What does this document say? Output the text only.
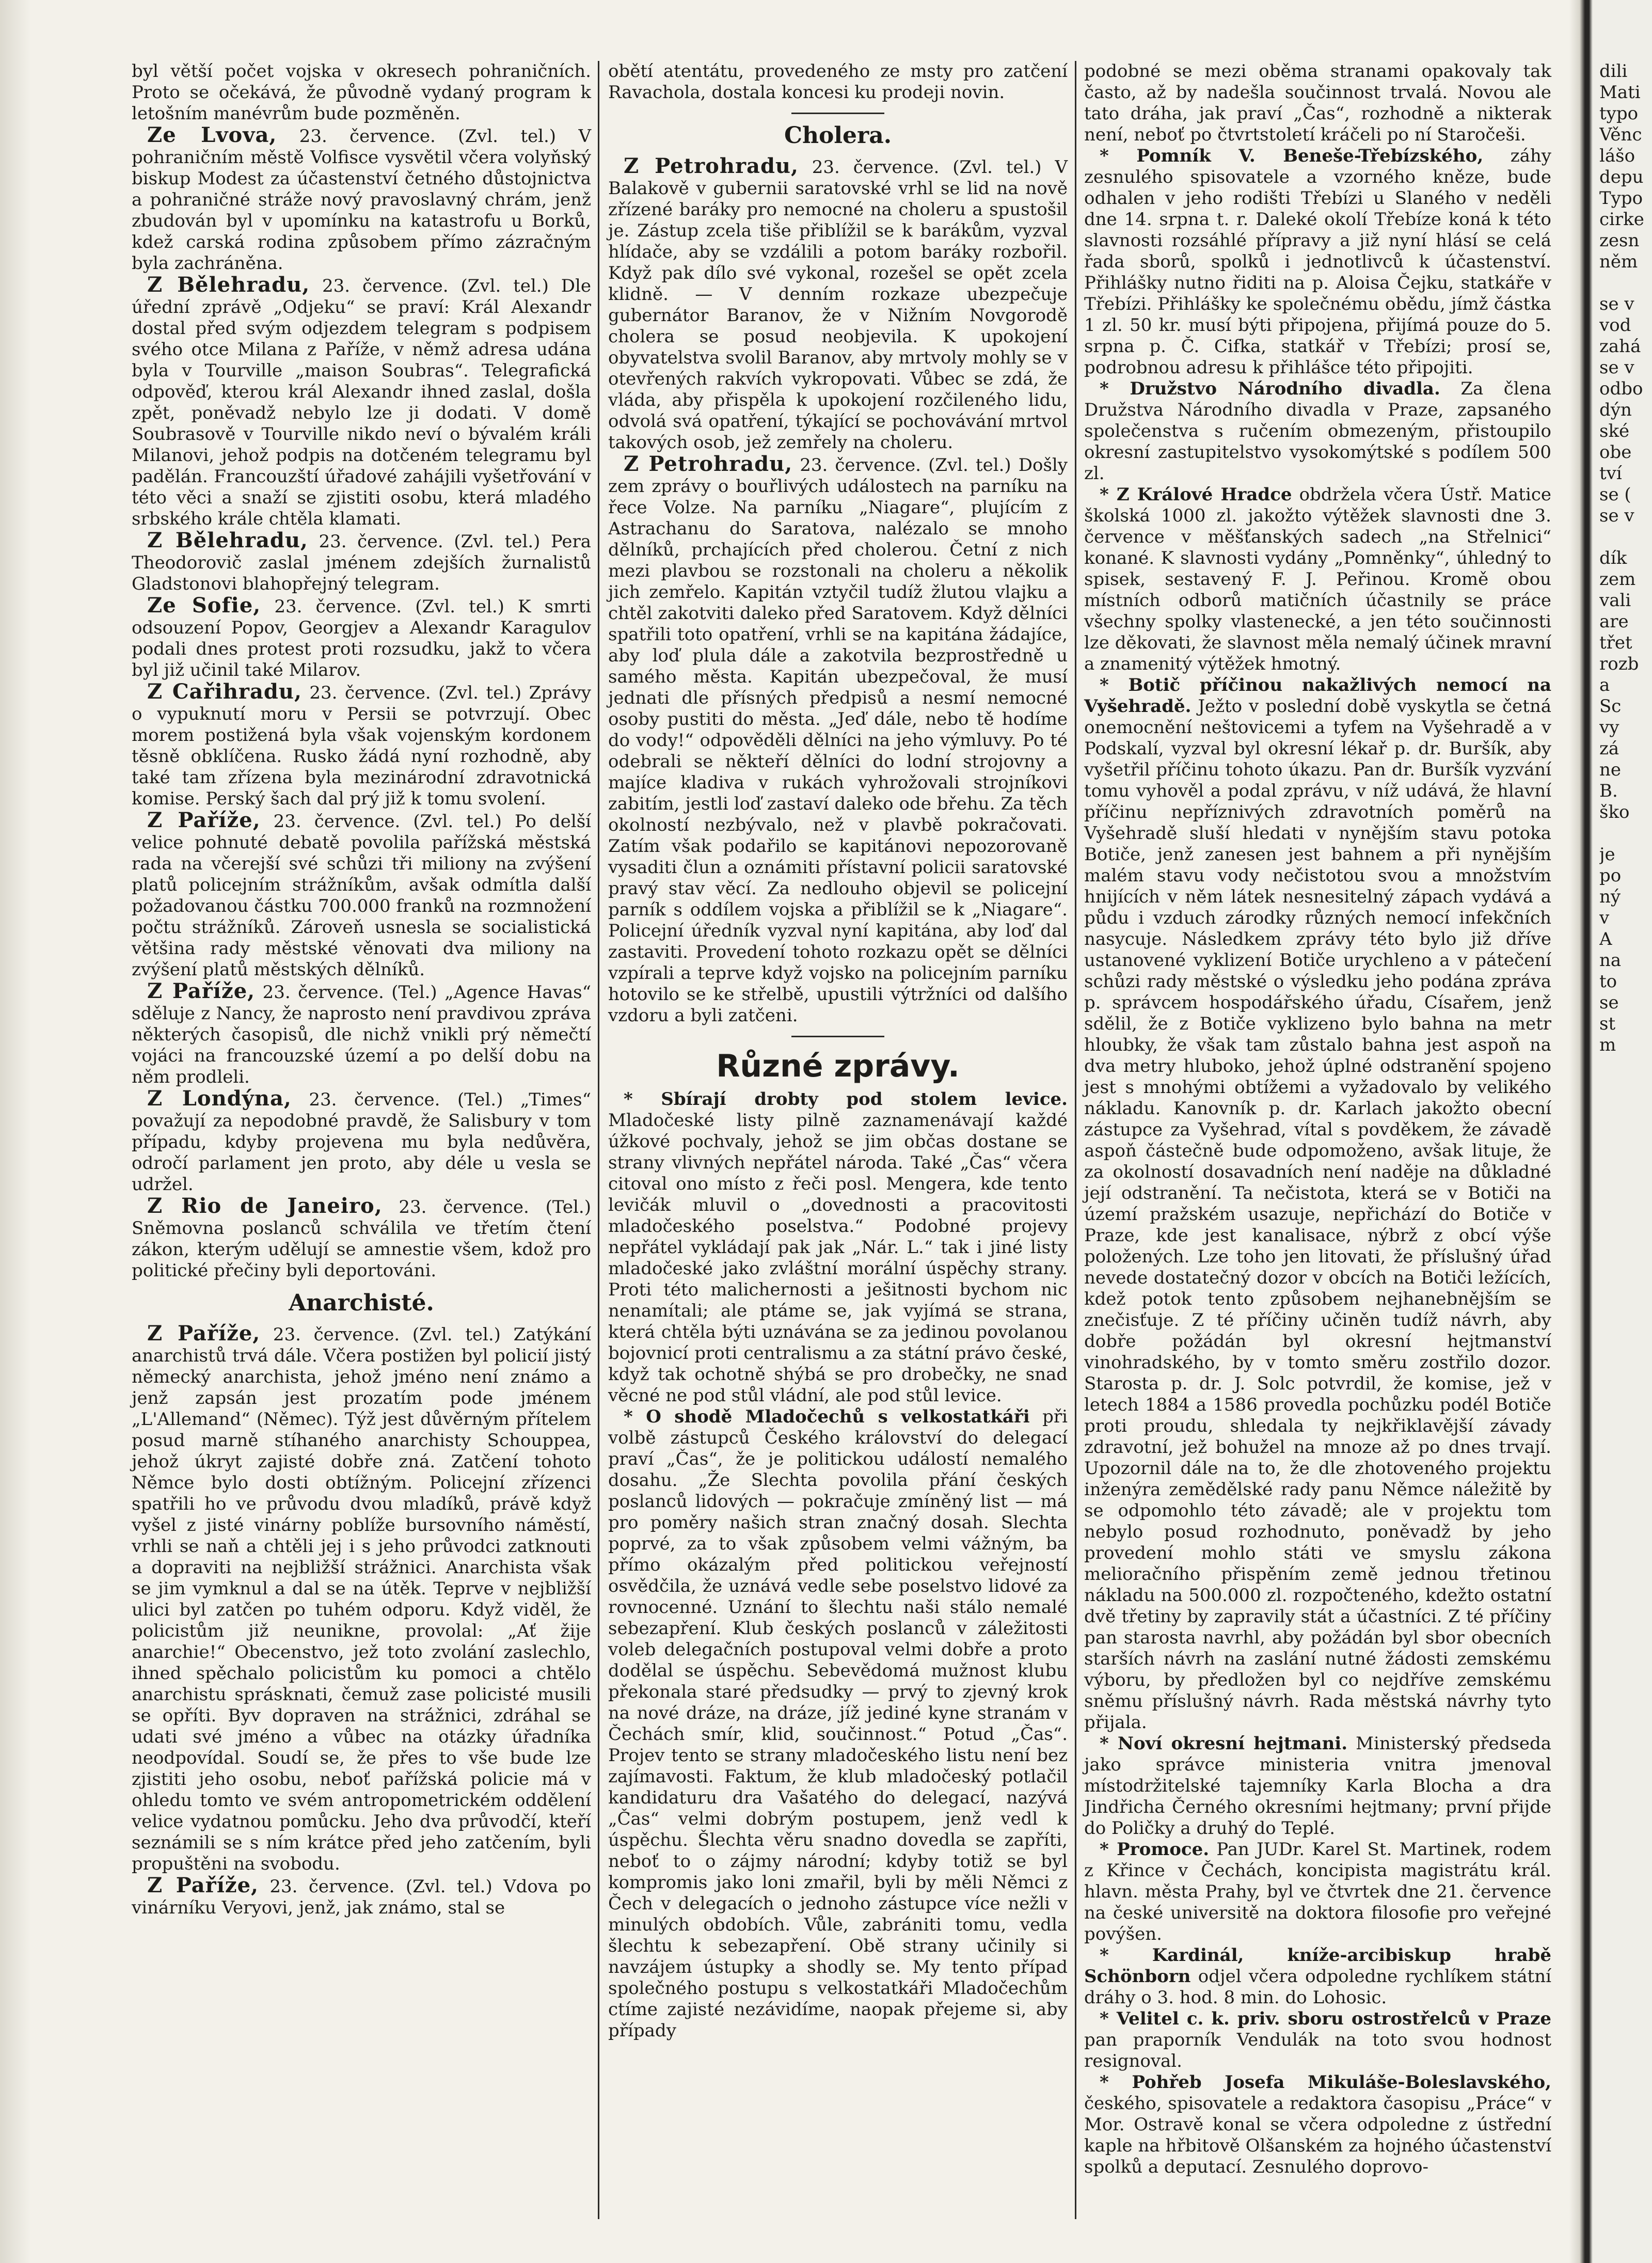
byl větší počet vojska v okresech pohraničních. Proto se očekává, že původně vydaný program k letošním manévrům bude pozměněn.

Ze Lvova, 23. července. (Zvl. tel.) V pohraničním městě Volfisce vysvětil včera volyňský biskup Modest za účastenství četného důstojnictva a pohraničné stráže nový pravoslavný chrám, jenž zbudován byl v upomínku na katastrofu u Borků, kdež carská rodina způsobem přímo zázračným byla zachráněna.

Z Bělehradu, 23. července. (Zvl. tel.) Dle úřední zprávě „Odjeku“ se praví: Král Alexandr dostal před svým odjezdem telegram s podpisem svého otce Milana z Paříže, v němž adresa udána byla v Tourville „maison Soubras“. Telegrafická odpověď, kterou král Alexandr ihned zaslal, došla zpět, poněvadž nebylo lze ji dodati. V domě Soubrasově v Tourville nikdo neví o bývalém králi Milanovi, jehož podpis na dotčeném telegramu byl padělán. Francouzští úřadové zahájili vyšetřování v této věci a snaží se zjistiti osobu, která mladého srbského krále chtěla klamati.

Z Bělehradu, 23. července. (Zvl. tel.) Pera Theodorovič zaslal jménem zdejších žurnalistů Gladstonovi blahopřejný telegram.

Ze Sofie, 23. července. (Zvl. tel.) K smrti odsouzení Popov, Georgjev a Alexandr Karagulov podali dnes protest proti rozsudku, jakž to včera byl již učinil také Milarov.

Z Cařihradu, 23. července. (Zvl. tel.) Zprávy o vypuknutí moru v Persii se potvrzují. Obec morem postižená byla však vojenským kordonem těsně obklíčena. Rusko žádá nyní rozhodně, aby také tam zřízena byla mezinárodní zdravotnická komise. Perský šach dal prý již k tomu svolení.

Z Paříže, 23. července. (Zvl. tel.) Po delší velice pohnuté debatě povolila pařížská městská rada na včerejší své schůzi tři miliony na zvýšení platů policejním strážníkům, avšak odmítla další požadovanou částku 700.000 franků na rozmnožení počtu strážníků. Zároveň usnesla se socialistická většina rady městské věnovati dva miliony na zvýšení platů městských dělníků.

Z Paříže, 23. července. (Tel.) „Agence Havas“ sděluje z Nancy, že naprosto není pravdivou zpráva některých časopisů, dle nichž vnikli prý němečtí vojáci na francouzské území a po delší dobu na něm prodleli.

Z Londýna, 23. července. (Tel.) „Times“ považují za nepodobné pravdě, že Salisbury v tom případu, kdyby projevena mu byla nedůvěra, odročí parlament jen proto, aby déle u vesla se udržel.

Z Rio de Janeiro, 23. července. (Tel.) Sněmovna poslanců schválila ve třetím čtení zákon, kterým udělují se amnestie všem, kdož pro politické přečiny byli deportováni.

Anarchisté.

Z Paříže, 23. července. (Zvl. tel.) Zatýkání anarchistů trvá dále. Včera postižen byl policií jistý německý anarchista, jehož jméno není známo a jenž zapsán jest prozatím pode jménem „L'Allemand“ (Němec). Týž jest důvěrným přítelem posud marně stíhaného anarchisty Schouppea, jehož úkryt zajisté dobře zná. Zatčení tohoto Němce bylo dosti obtížným. Policejní zřízenci spatřili ho ve průvodu dvou mladíků, právě když vyšel z jisté vinárny poblíže bursovního náměstí, vrhli se naň a chtěli jej i s jeho průvodci zatknouti a dopraviti na nejbližší strážnici. Anarchista však se jim vymknul a dal se na útěk. Teprve v nejbližší ulici byl zatčen po tuhém odporu. Když viděl, že policistům již neunikne, provolal: „Ať žije anarchie!“ Obecenstvo, jež toto zvolání zaslechlo, ihned spěchalo policistům ku pomoci a chtělo anarchistu sprásknati, čemuž zase policisté musili se opříti. Byv dopraven na strážnici, zdráhal se udati své jméno a vůbec na otázky úřadníka neodpovídal. Soudí se, že přes to vše bude lze zjistiti jeho osobu, neboť pařížská policie má v ohledu tomto ve svém antropometrickém oddělení velice vydatnou pomůcku. Jeho dva průvodčí, kteří seznámili se s ním krátce před jeho zatčením, byli propuštěni na svobodu.

Z Paříže, 23. července. (Zvl. tel.) Vdova po vinárníku Veryovi, jenž, jak známo, stal se

obětí atentátu, provedeného ze msty pro zatčení Ravachola, dostala koncesi ku prodeji novin.

Cholera.

Z Petrohradu, 23. července. (Zvl. tel.) V Balakově v gubernii saratovské vrhl se lid na nově zřízené baráky pro nemocné na choleru a spustošil je. Zástup zcela tiše přiblížil se k barákům, vyzval hlídače, aby se vzdálili a potom baráky rozbořil. Když pak dílo své vykonal, rozešel se opět zcela klidně. — V denním rozkaze ubezpečuje gubernátor Baranov, že v Nižním Novgorodě cholera se posud neobjevila. K upokojení obyvatelstva svolil Baranov, aby mrtvoly mohly se v otevřených rakvích vykropovati. Vůbec se zdá, že vláda, aby přispěla k upokojení rozčileného lidu, odvolá svá opatření, týkající se pochovávání mrtvol takových osob, jež zemřely na choleru.

Z Petrohradu, 23. července. (Zvl. tel.) Došly zem zprávy o bouřlivých událostech na parníku na řece Volze. Na parníku „Niagare“, plujícím z Astrachanu do Saratova, nalézalo se mnoho dělníků, prchajících před cholerou. Četní z nich mezi plavbou se rozstonali na choleru a několik jich zemřelo. Kapitán vztyčil tudíž žlutou vlajku a chtěl zakotviti daleko před Saratovem. Když dělníci spatřili toto opatření, vrhli se na kapitána žádajíce, aby loď plula dále a zakotvila bezprostředně u samého města. Kapitán ubezpečoval, že musí jednati dle přísných předpisů a nesmí nemocné osoby pustiti do města. „Jeď dále, nebo tě hodíme do vody!“ odpověděli dělníci na jeho výmluvy. Po té odebrali se někteří dělníci do lodní strojovny a majíce kladiva v rukách vyhrožovali strojníkovi zabitím, jestli loď zastaví daleko ode břehu. Za těch okolností nezbývalo, než v plavbě pokračovati. Zatím však podařilo se kapitánovi nepozorovaně vysaditi člun a oznámiti přístavní policii saratovské pravý stav věcí. Za nedlouho objevil se policejní parník s oddílem vojska a přiblížil se k „Niagare“. Policejní úředník vyzval nyní kapitána, aby loď dal zastaviti. Provedení tohoto rozkazu opět se dělníci vzpírali a teprve když vojsko na policejním parníku hotovilo se ke střelbě, upustili výtržníci od dalšího vzdoru a byli zatčeni.

Různé zprávy.

* Sbírají drobty pod stolem levice. Mladočeské listy pilně zaznamenávají každé úžkové pochvaly, jehož se jim občas dostane se strany vlivných nepřátel národa. Také „Čas“ včera citoval ono místo z řeči posl. Mengera, kde tento levičák mluvil o „dovednosti a pracovitosti mladočeského poselstva.“ Podobné projevy nepřátel vykládají pak jak „Nár. L.“ tak i jiné listy mladočeské jako zvláštní morální úspěchy strany. Proti této malichernosti a ješitnosti bychom nic nenamítali; ale ptáme se, jak vyjímá se strana, která chtěla býti uznávána se za jedinou povolanou bojovnicí proti centralismu a za státní právo české, když tak ochotně shýbá se pro drobečky, ne snad věcné ne pod stůl vládní, ale pod stůl levice.

* O shodě Mladočechů s velkostatkáři při volbě zástupců Českého království do delegací praví „Čas“, že je politickou událostí nemalého dosahu. „Že Slechta povolila přání českých poslanců lidových — pokračuje zmíněný list — má pro poměry našich stran značný dosah. Slechta poprvé, za to však způsobem velmi vážným, ba přímo okázalým před politickou veřejností osvědčila, že uznává vedle sebe poselstvo lidové za rovnocenné. Uznání to šlechtu naši stálo nemalé sebezapření. Klub českých poslanců v záležitosti voleb delegačních postupoval velmi dobře a proto dodělal se úspěchu. Sebevědomá mužnost klubu překonala staré předsudky — prvý to zjevný krok na nové dráze, na dráze, jíž jediné kyne stranám v Čechách smír, klid, součinnost.“ Potud „Čas“. Projev tento se strany mladočeského listu není bez zajímavosti. Faktum, že klub mladočeský potlačil kandidaturu dra Vašatého do delegací, nazývá „Čas“ velmi dobrým postupem, jenž vedl k úspěchu. Šlechta věru snadno dovedla se zapříti, neboť to o zájmy národní; kdyby totiž se byl kompromis jako loni zmařil, byli by měli Němci z Čech v delegacích o jednoho zástupce více nežli v minulých obdobích. Vůle, zabrániti tomu, vedla šlechtu k sebezapření. Obě strany učinily si navzájem ústupky a shodly se. My tento případ společného postupu s velkostatkáři Mladočechům ctíme zajisté nezávidíme, naopak přejeme si, aby případy

podobné se mezi oběma stranami opakovaly tak často, až by nadešla součinnost trvalá. Novou ale tato dráha, jak praví „Čas“, rozhodně a nikterak není, neboť po čtvrtstoletí kráčeli po ní Staročeši.

* Pomník V. Beneše-Třebízského, záhy zesnulého spisovatele a vzorného kněze, bude odhalen v jeho rodišti Třebízi u Slaného v neděli dne 14. srpna t. r. Daleké okolí Třebíze koná k této slavnosti rozsáhlé přípravy a již nyní hlásí se celá řada sborů, spolků i jednotlivců k účastenství. Přihlášky nutno řiditi na p. Aloisa Čejku, statkáře v Třebízi. Přihlášky ke společnému obědu, jímž částka 1 zl. 50 kr. musí býti připojena, přijímá pouze do 5. srpna p. Č. Cifka, statkář v Třebízi; prosí se, podrobnou adresu k přihlášce této připojiti.

* Družstvo Národního divadla. Za člena Družstva Národního divadla v Praze, zapsaného společenstva s ručením obmezeným, přistoupilo okresní zastupitelstvo vysokomýtské s podílem 500 zl.

* Z Králové Hradce obdržela včera Ústř. Matice školská 1000 zl. jakožto výtěžek slavnosti dne 3. července v měšťanských sadech „na Střelnici“ konané. K slavnosti vydány „Pomněnky“, úhledný to spisek, sestavený F. J. Peřinou. Kromě obou místních odborů matičních účastnily se práce všechny spolky vlastenecké, a jen této součinnosti lze děkovati, že slavnost měla nemalý účinek mravní a znamenitý výtěžek hmotný.

* Botič příčinou nakažlivých nemocí na Vyšehradě. Ježto v poslední době vyskytla se četná onemocnění neštovicemi a tyfem na Vyšehradě a v Podskalí, vyzval byl okresní lékař p. dr. Buršík, aby vyšetřil příčinu tohoto úkazu. Pan dr. Buršík vyzvání tomu vyhověl a podal zprávu, v níž udává, že hlavní příčinu nepříznivých zdravotních poměrů na Vyšehradě sluší hledati v nynějším stavu potoka Botiče, jenž zanesen jest bahnem a při nynějším malém stavu vody nečistotou svou a množstvím hnijících v něm látek nesnesitelný zápach vydává a půdu i vzduch zárodky různých nemocí infekčních nasycuje. Následkem zprávy této bylo již dříve ustanovené vyklizení Botiče urychleno a v pátečení schůzi rady městské o výsledku jeho podána zpráva p. správcem hospodářského úřadu, Císařem, jenž sdělil, že z Botiče vyklizeno bylo bahna na metr hloubky, že však tam zůstalo bahna jest aspoň na dva metry hluboko, jehož úplné odstranění spojeno jest s mnohými obtížemi a vyžadovalo by velikého nákladu. Kanovník p. dr. Karlach jakožto obecní zástupce za Vyšehrad, vítal s povděkem, že závadě aspoň částečně bude odpomoženo, avšak lituje, že za okolností dosavadních není naděje na důkladné její odstranění. Ta nečistota, která se v Botiči na území pražském usazuje, nepřichází do Botiče v Praze, kde jest kanalisace, nýbrž z obcí výše položených. Lze toho jen litovati, že příslušný úřad nevede dostatečný dozor v obcích na Botiči ležících, kdež potok tento způsobem nejhanebnějším se znečisťuje. Z té příčiny učiněn tudíž návrh, aby dobře požádán byl okresní hejtmanství vinohradského, by v tomto směru zostřilo dozor. Starosta p. dr. J. Solc potvrdil, že komise, jež v letech 1884 a 1586 provedla pochůzku podél Botiče proti proudu, shledala ty nejkřiklavější závady zdravotní, jež bohužel na mnoze až po dnes trvají. Upozornil dále na to, že dle zhotoveného projektu inženýra zemědělské rady panu Němce náležitě by se odpomohlo této závadě; ale v projektu tom nebylo posud rozhodnuto, poněvadž by jeho provedení mohlo státi ve smyslu zákona melioračního přispěním země jednou třetinou nákladu na 500.000 zl. rozpočteného, kdežto ostatní dvě třetiny by zapravily stát a účastníci. Z té příčiny pan starosta navrhl, aby požádán byl sbor obecních starších návrh na zaslání nutné žádosti zemskému výboru, by předložen byl co nejdříve zemskému sněmu příslušný návrh. Rada městská návrhy tyto přijala.

* Noví okresní hejtmani. Ministerský předseda jako správce ministeria vnitra jmenoval místodržitelské tajemníky Karla Blocha a dra Jindřicha Černého okresními hejtmany; první přijde do Poličky a druhý do Teplé.

* Promoce. Pan JUDr. Karel St. Martinek, rodem z Křince v Čechách, koncipista magistrátu král. hlavn. města Prahy, byl ve čtvrtek dne 21. července na české universitě na doktora filosofie pro veřejné povýšen.

* Kardinál, kníže-arcibiskup hrabě Schönborn odjel včera odpoledne rychlíkem státní dráhy o 3. hod. 8 min. do Lohosic.

* Velitel c. k. priv. sboru ostrostřelců v Praze pan praporník Vendulák na toto svou hodnost resignoval.

* Pohřeb Josefa Mikuláše-Boleslavského, českého, spisovatele a redaktora časopisu „Práce“ v Mor. Ostravě konal se včera odpoledne z ústřední kaple na hřbitově Olšanském za hojného účastenství spolků a deputací. Zesnulého doprovo-

dili
Mati
typo
Věnc
lášo
depu
Typo
cirke
zesn
něm

se v
vod
zahá
se v
odbo
dýn
ské
obe
tví
se (
se v

dík
zem
vali
are
třet
rozb
a
Sc
vy
zá
ne
B.
ško

je
po
ný
v
A
na
to
se
st
m
